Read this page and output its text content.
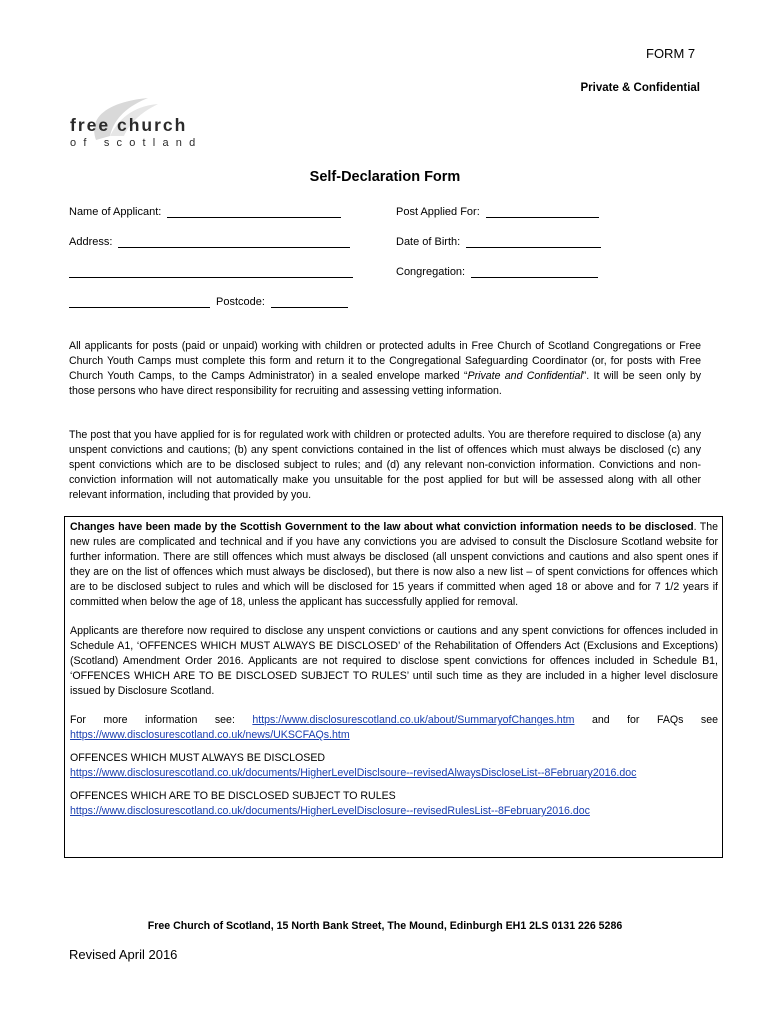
FORM 7
Private & Confidential
free church
of scotland
Self-Declaration Form
Name of Applicant:	Post Applied For:
Address:	Date of Birth:
Congregation:
Postcode:
All applicants for posts (paid or unpaid) working with children or protected adults in Free Church of Scotland Congregations or Free Church Youth Camps must complete this form and return it to the Congregational Safeguarding Coordinator (or, for posts with Free Church Youth Camps, to the Camps Administrator) in a sealed envelope marked “Private and Confidential”. It will be seen only by those persons who have direct responsibility for recruiting and assessing vetting information.
The post that you have applied for is for regulated work with children or protected adults. You are therefore required to disclose (a) any unspent convictions and cautions; (b) any spent convictions contained in the list of offences which must always be disclosed (c) any spent convictions which are to be disclosed subject to rules; and (d) any relevant non-conviction information. Convictions and non-conviction information will not automatically make you unsuitable for the post applied for but will be assessed along with all other relevant information, including that provided by you.

Changes have been made by the Scottish Government to the law about what conviction information needs to be disclosed. The new rules are complicated and technical and if you have any convictions you are advised to consult the Disclosure Scotland website for further information. There are still offences which must always be disclosed (all unspent convictions and cautions and also spent ones if they are on the list of offences which must always be disclosed), but there is now also a new list – of spent convictions for offences which are to be disclosed subject to rules and which will be disclosed for 15 years if committed when aged 18 or above and for 7 1/2 years if committed when below the age of 18, unless the applicant has successfully applied for removal.

Applicants are therefore now required to disclose any unspent convictions or cautions and any spent convictions for offences included in Schedule A1, ‘OFFENCES WHICH MUST ALWAYS BE DISCLOSED’ of the Rehabilitation of Offenders Act (Exclusions and Exceptions) (Scotland) Amendment Order 2016. Applicants are not required to disclose spent convictions for offences included in Schedule B1, ‘OFFENCES WHICH ARE TO BE DISCLOSED SUBJECT TO RULES’ until such time as they are included in a higher level disclosure issued by Disclosure Scotland.

For more information see: https://www.disclosurescotland.co.uk/about/SummaryofChanges.htm and for FAQs see https://www.disclosurescotland.co.uk/news/UKSCFAQs.htm

OFFENCES WHICH MUST ALWAYS BE DISCLOSED
https://www.disclosurescotland.co.uk/documents/HigherLevelDisclsoure--revisedAlwaysDiscloseList--8February2016.doc

OFFENCES WHICH ARE TO BE DISCLOSED SUBJECT TO RULES
https://www.disclosurescotland.co.uk/documents/HigherLevelDisclosure--revisedRulesList--8February2016.doc

Free Church of Scotland, 15 North Bank Street, The Mound, Edinburgh EH1 2LS 0131 226 5286
Revised April 2016
